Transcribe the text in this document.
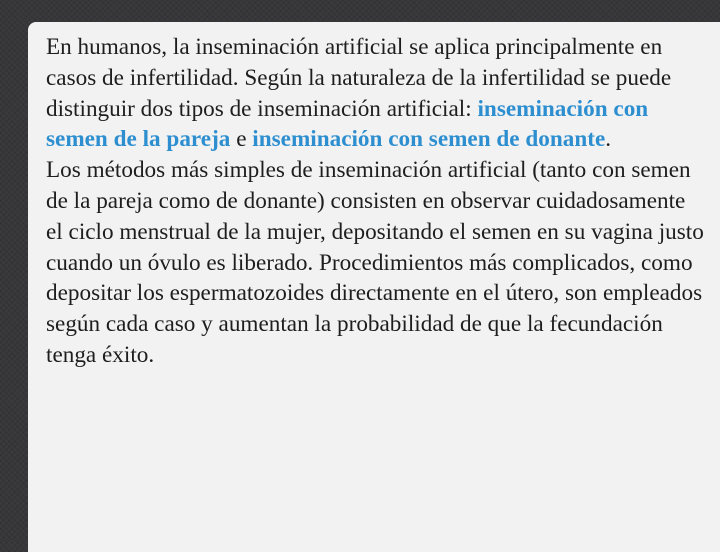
En humanos, la inseminación artificial se aplica principalmente en casos de infertilidad. Según la naturaleza de la infertilidad se puede distinguir dos tipos de inseminación artificial: inseminación con semen de la pareja e inseminación con semen de donante.

Los métodos más simples de inseminación artificial (tanto con semen de la pareja como de donante) consisten en observar cuidadosamente el ciclo menstrual de la mujer, depositando el semen en su vagina justo cuando un óvulo es liberado. Procedimientos más complicados, como depositar los espermatozoides directamente en el útero, son empleados según cada caso y aumentan la probabilidad de que la fecundación tenga éxito.
